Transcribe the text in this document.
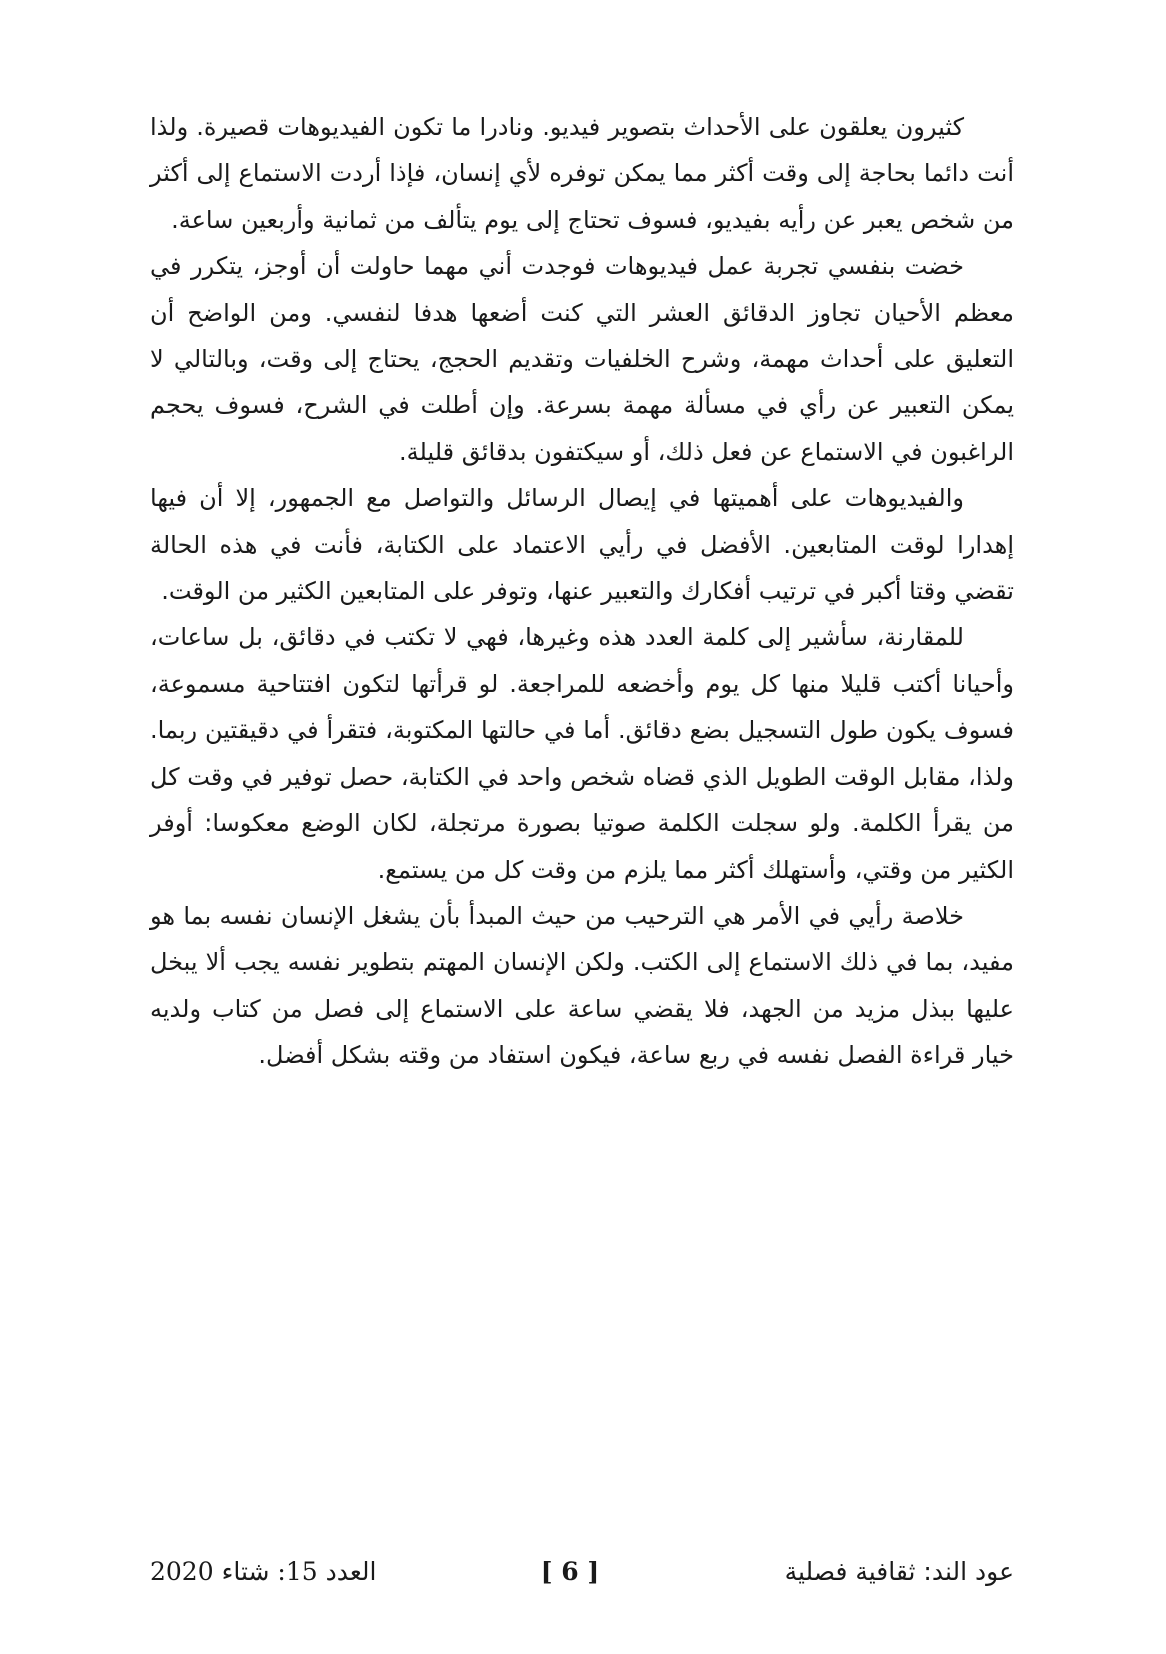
كثيرون يعلقون على الأحداث بتصوير فيديو. ونادرا ما تكون الفيديوهات قصيرة. ولذا أنت دائما بحاجة إلى وقت أكثر مما يمكن توفره لأي إنسان، فإذا أردت الاستماع إلى أكثر من شخص يعبر عن رأيه بفيديو، فسوف تحتاج إلى يوم يتألف من ثمانية وأربعين ساعة.

خضت بنفسي تجربة عمل فيديوهات فوجدت أني مهما حاولت أن أوجز، يتكرر في معظم الأحيان تجاوز الدقائق العشر التي كنت أضعها هدفا لنفسي. ومن الواضح أن التعليق على أحداث مهمة، وشرح الخلفيات وتقديم الحجج، يحتاج إلى وقت، وبالتالي لا يمكن التعبير عن رأي في مسألة مهمة بسرعة. وإن أطلت في الشرح، فسوف يحجم الراغبون في الاستماع عن فعل ذلك، أو سيكتفون بدقائق قليلة.

والفيديوهات على أهميتها في إيصال الرسائل والتواصل مع الجمهور، إلا أن فيها إهدارا لوقت المتابعين. الأفضل في رأيي الاعتماد على الكتابة، فأنت في هذه الحالة تقضي وقتا أكبر في ترتيب أفكارك والتعبير عنها، وتوفر على المتابعين الكثير من الوقت.

للمقارنة، سأشير إلى كلمة العدد هذه وغيرها، فهي لا تكتب في دقائق، بل ساعات، وأحيانا أكتب قليلا منها كل يوم وأخضعه للمراجعة. لو قرأتها لتكون افتتاحية مسموعة، فسوف يكون طول التسجيل بضع دقائق. أما في حالتها المكتوبة، فتقرأ في دقيقتين ربما. ولذا، مقابل الوقت الطويل الذي قضاه شخص واحد في الكتابة، حصل توفير في وقت كل من يقرأ الكلمة. ولو سجلت الكلمة صوتيا بصورة مرتجلة، لكان الوضع معكوسا: أوفر الكثير من وقتي، وأستهلك أكثر مما يلزم من وقت كل من يستمع.

خلاصة رأيي في الأمر هي الترحيب من حيث المبدأ بأن يشغل الإنسان نفسه بما هو مفيد، بما في ذلك الاستماع إلى الكتب. ولكن الإنسان المهتم بتطوير نفسه يجب ألا يبخل عليها ببذل مزيد من الجهد، فلا يقضي ساعة على الاستماع إلى فصل من كتاب ولديه خيار قراءة الفصل نفسه في ربع ساعة، فيكون استفاد من وقته بشكل أفضل.

عود الند: ثقافية فصلية
[ 6 ]
العدد 15: شتاء 2020
